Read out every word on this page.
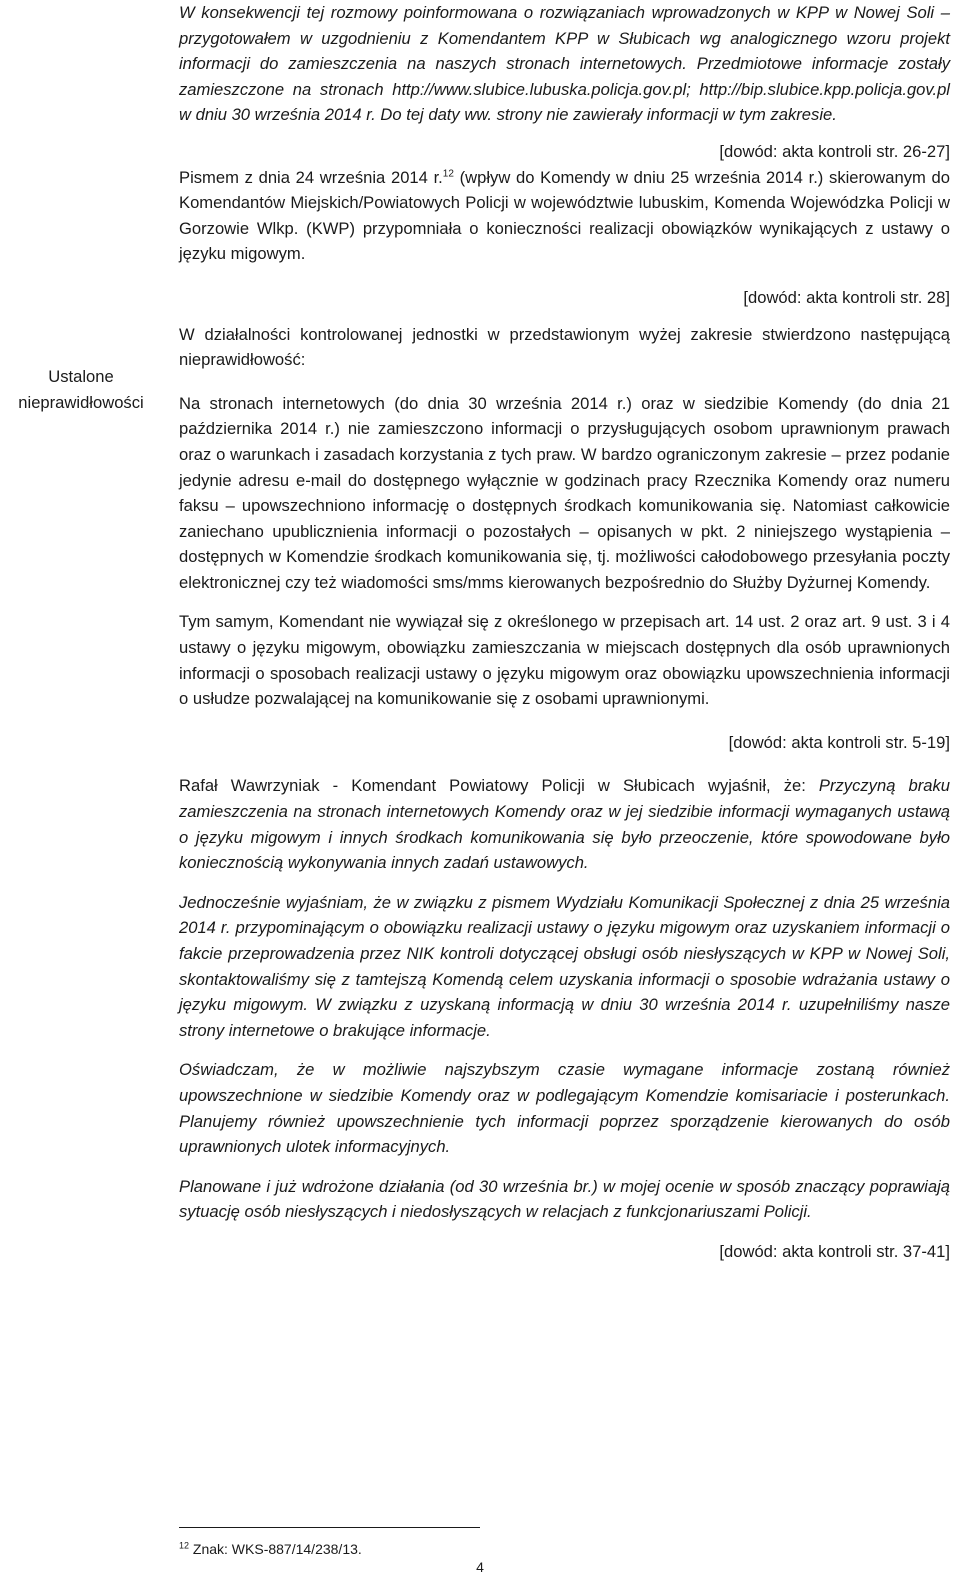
Ustalone
nieprawidłowości

W konsekwencji tej rozmowy poinformowana o rozwiązaniach wprowadzonych w KPP w Nowej Soli – przygotowałem w uzgodnieniu z Komendantem KPP w Słubicach wg analogicznego wzoru projekt informacji do zamieszczenia na naszych stronach internetowych. Przedmiotowe informacje zostały zamieszczone na stronach http://www.slubice.lubuska.policja.gov.pl; http://bip.slubice.kpp.policja.gov.pl w dniu 30 września 2014 r. Do tej daty ww. strony nie zawierały informacji w tym zakresie.

[dowód: akta kontroli str. 26-27]

Pismem z dnia 24 września 2014 r.$^{12}$ (wpływ do Komendy w dniu 25 września 2014 r.) skierowanym do Komendantów Miejskich/Powiatowych Policji w województwie lubuskim, Komenda Wojewódzka Policji w Gorzowie Wlkp. (KWP) przypomniała o konieczności realizacji obowiązków wynikających z ustawy o języku migowym.

[dowód: akta kontroli str. 28]

W działalności kontrolowanej jednostki w przedstawionym wyżej zakresie stwierdzono następującą nieprawidłowość:

Na stronach internetowych (do dnia 30 września 2014 r.) oraz w siedzibie Komendy (do dnia 21 października 2014 r.) nie zamieszczono informacji o przysługujących osobom uprawnionym prawach oraz o warunkach i zasadach korzystania z tych praw. W bardzo ograniczonym zakresie – przez podanie jedynie adresu e-mail do dostępnego wyłącznie w godzinach pracy Rzecznika Komendy oraz numeru faksu – upowszechniono informację o dostępnych środkach komunikowania się. Natomiast całkowicie zaniechano upublicznienia informacji o pozostałych – opisanych w pkt. 2 niniejszego wystąpienia – dostępnych w Komendzie środkach komunikowania się, tj. możliwości całodobowego przesyłania poczty elektronicznej czy też wiadomości sms/mms kierowanych bezpośrednio do Służby Dyżurnej Komendy.

Tym samym, Komendant nie wywiązał się z określonego w przepisach art. 14 ust. 2 oraz art. 9 ust. 3 i 4 ustawy o języku migowym, obowiązku zamieszczania w miejscach dostępnych dla osób uprawnionych informacji o sposobach realizacji ustawy o języku migowym oraz obowiązku upowszechnienia informacji o usłudze pozwalającej na komunikowanie się z osobami uprawnionymi.

[dowód: akta kontroli str. 5-19]

Rafał Wawrzyniak - Komendant Powiatowy Policji w Słubicach wyjaśnił, że: Przyczyną braku zamieszczenia na stronach internetowych Komendy oraz w jej siedzibie informacji wymaganych ustawą o języku migowym i innych środkach komunikowania się było przeoczenie, które spowodowane było koniecznością wykonywania innych zadań ustawowych.

Jednocześnie wyjaśniam, że w związku z pismem Wydziału Komunikacji Społecznej z dnia 25 września 2014 r. przypominającym o obowiązku realizacji ustawy o języku migowym oraz uzyskaniem informacji o fakcie przeprowadzenia przez NIK kontroli dotyczącej obsługi osób niesłyszących w KPP w Nowej Soli, skontaktowaliśmy się z tamtejszą Komendą celem uzyskania informacji o sposobie wdrażania ustawy o języku migowym. W związku z uzyskaną informacją w dniu 30 września 2014 r. uzupełniliśmy nasze strony internetowe o brakujące informacje.

Oświadczam, że w możliwie najszybszym czasie wymagane informacje zostaną również upowszechnione w siedzibie Komendy oraz w podlegającym Komendzie komisariacie i posterunkach. Planujemy również upowszechnienie tych informacji poprzez sporządzenie kierowanych do osób uprawnionych ulotek informacyjnych.

Planowane i już wdrożone działania (od 30 września br.) w mojej ocenie w sposób znaczący poprawiają sytuację osób niesłyszących i niedosłyszących w relacjach z funkcjonariuszami Policji.

[dowód: akta kontroli str. 37-41]

$^{12}$ Znak: WKS-887/14/238/13.
4
